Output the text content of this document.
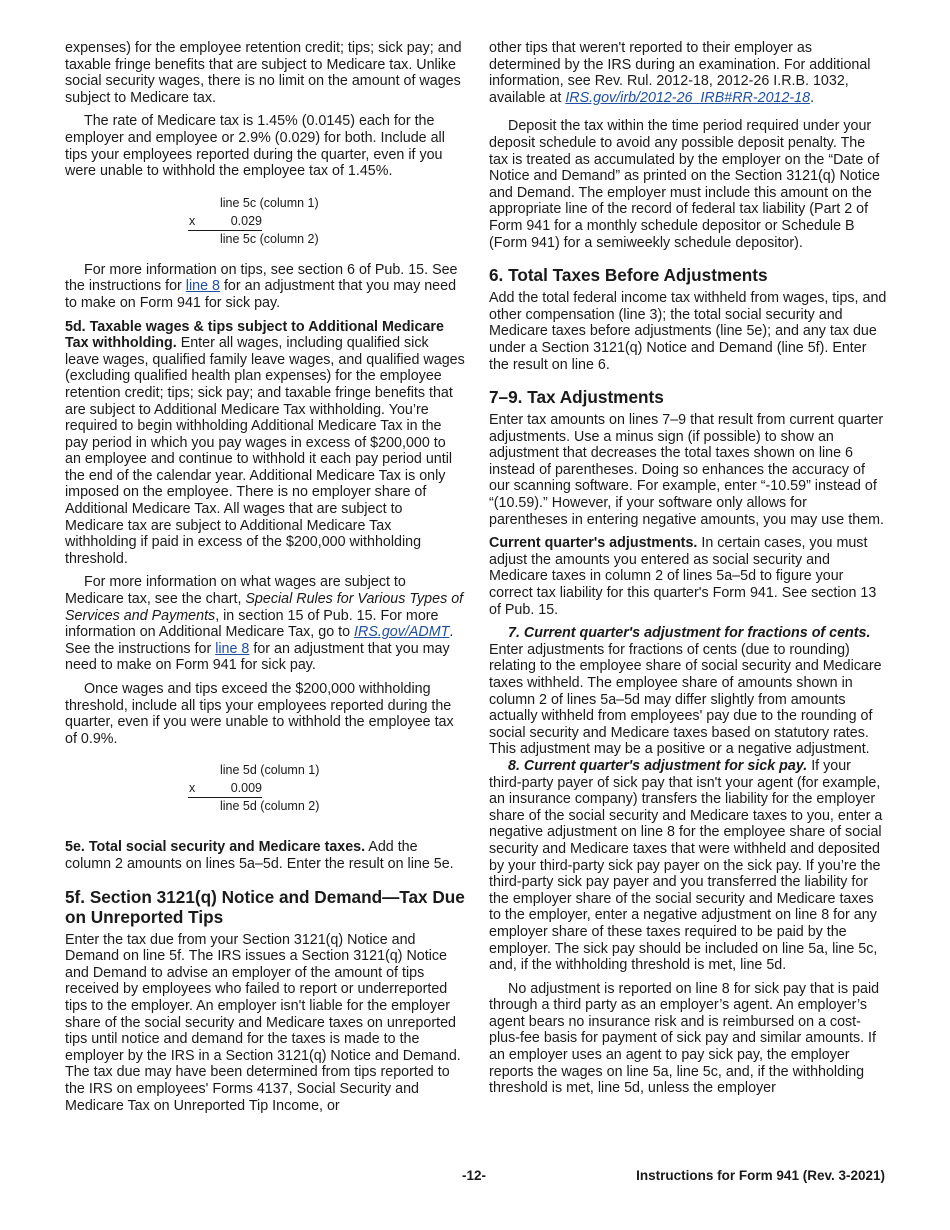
expenses) for the employee retention credit; tips; sick pay; and taxable fringe benefits that are subject to Medicare tax. Unlike social security wages, there is no limit on the amount of wages subject to Medicare tax.

The rate of Medicare tax is 1.45% (0.0145) each for the employer and employee or 2.9% (0.029) for both. Include all tips your employees reported during the quarter, even if you were unable to withhold the employee tax of 1.45%.

line 5c (column 1)
x	0.029
line 5c (column 2)

For more information on tips, see section 6 of Pub. 15. See the instructions for line 8 for an adjustment that you may need to make on Form 941 for sick pay.

5d. Taxable wages & tips subject to Additional Medicare Tax withholding. Enter all wages, including qualified sick leave wages, qualified family leave wages, and qualified wages (excluding qualified health plan expenses) for the employee retention credit; tips; sick pay; and taxable fringe benefits that are subject to Additional Medicare Tax withholding. You’re required to begin withholding Additional Medicare Tax in the pay period in which you pay wages in excess of $200,000 to an employee and continue to withhold it each pay period until the end of the calendar year. Additional Medicare Tax is only imposed on the employee. There is no employer share of Additional Medicare Tax. All wages that are subject to Medicare tax are subject to Additional Medicare Tax withholding if paid in excess of the $200,000 withholding threshold.

For more information on what wages are subject to Medicare tax, see the chart, Special Rules for Various Types of Services and Payments, in section 15 of Pub. 15. For more information on Additional Medicare Tax, go to IRS.gov/ADMT. See the instructions for line 8 for an adjustment that you may need to make on Form 941 for sick pay.

Once wages and tips exceed the $200,000 withholding threshold, include all tips your employees reported during the quarter, even if you were unable to withhold the employee tax of 0.9%.

line 5d (column 1)
x	0.009
line 5d (column 2)

5e. Total social security and Medicare taxes. Add the column 2 amounts on lines 5a–5d. Enter the result on line 5e.

5f. Section 3121(q) Notice and Demand—Tax Due on Unreported Tips

Enter the tax due from your Section 3121(q) Notice and Demand on line 5f. The IRS issues a Section 3121(q) Notice and Demand to advise an employer of the amount of tips received by employees who failed to report or underreported tips to the employer. An employer isn't liable for the employer share of the social security and Medicare taxes on unreported tips until notice and demand for the taxes is made to the employer by the IRS in a Section 3121(q) Notice and Demand. The tax due may have been determined from tips reported to the IRS on employees' Forms 4137, Social Security and Medicare Tax on Unreported Tip Income, or

other tips that weren't reported to their employer as determined by the IRS during an examination. For additional information, see Rev. Rul. 2012-18, 2012-26 I.R.B. 1032, available at IRS.gov/irb/2012-26_IRB#RR-2012-18.

Deposit the tax within the time period required under your deposit schedule to avoid any possible deposit penalty. The tax is treated as accumulated by the employer on the “Date of Notice and Demand” as printed on the Section 3121(q) Notice and Demand. The employer must include this amount on the appropriate line of the record of federal tax liability (Part 2 of Form 941 for a monthly schedule depositor or Schedule B (Form 941) for a semiweekly schedule depositor).

6. Total Taxes Before Adjustments

Add the total federal income tax withheld from wages, tips, and other compensation (line 3); the total social security and Medicare taxes before adjustments (line 5e); and any tax due under a Section 3121(q) Notice and Demand (line 5f). Enter the result on line 6.

7–9. Tax Adjustments

Enter tax amounts on lines 7–9 that result from current quarter adjustments. Use a minus sign (if possible) to show an adjustment that decreases the total taxes shown on line 6 instead of parentheses. Doing so enhances the accuracy of our scanning software. For example, enter “-10.59” instead of “(10.59).” However, if your software only allows for parentheses in entering negative amounts, you may use them.

Current quarter's adjustments. In certain cases, you must adjust the amounts you entered as social security and Medicare taxes in column 2 of lines 5a–5d to figure your correct tax liability for this quarter's Form 941. See section 13 of Pub. 15.

7. Current quarter's adjustment for fractions of cents. Enter adjustments for fractions of cents (due to rounding) relating to the employee share of social security and Medicare taxes withheld. The employee share of amounts shown in column 2 of lines 5a–5d may differ slightly from amounts actually withheld from employees' pay due to the rounding of social security and Medicare taxes based on statutory rates. This adjustment may be a positive or a negative adjustment.

8. Current quarter's adjustment for sick pay. If your third-party payer of sick pay that isn't your agent (for example, an insurance company) transfers the liability for the employer share of the social security and Medicare taxes to you, enter a negative adjustment on line 8 for the employee share of social security and Medicare taxes that were withheld and deposited by your third-party sick pay payer on the sick pay. If you’re the third-party sick pay payer and you transferred the liability for the employer share of the social security and Medicare taxes to the employer, enter a negative adjustment on line 8 for any employer share of these taxes required to be paid by the employer. The sick pay should be included on line 5a, line 5c, and, if the withholding threshold is met, line 5d.

No adjustment is reported on line 8 for sick pay that is paid through a third party as an employer’s agent. An employer’s agent bears no insurance risk and is reimbursed on a cost-plus-fee basis for payment of sick pay and similar amounts. If an employer uses an agent to pay sick pay, the employer reports the wages on line 5a, line 5c, and, if the withholding threshold is met, line 5d, unless the employer

-12-	Instructions for Form 941 (Rev. 3-2021)
